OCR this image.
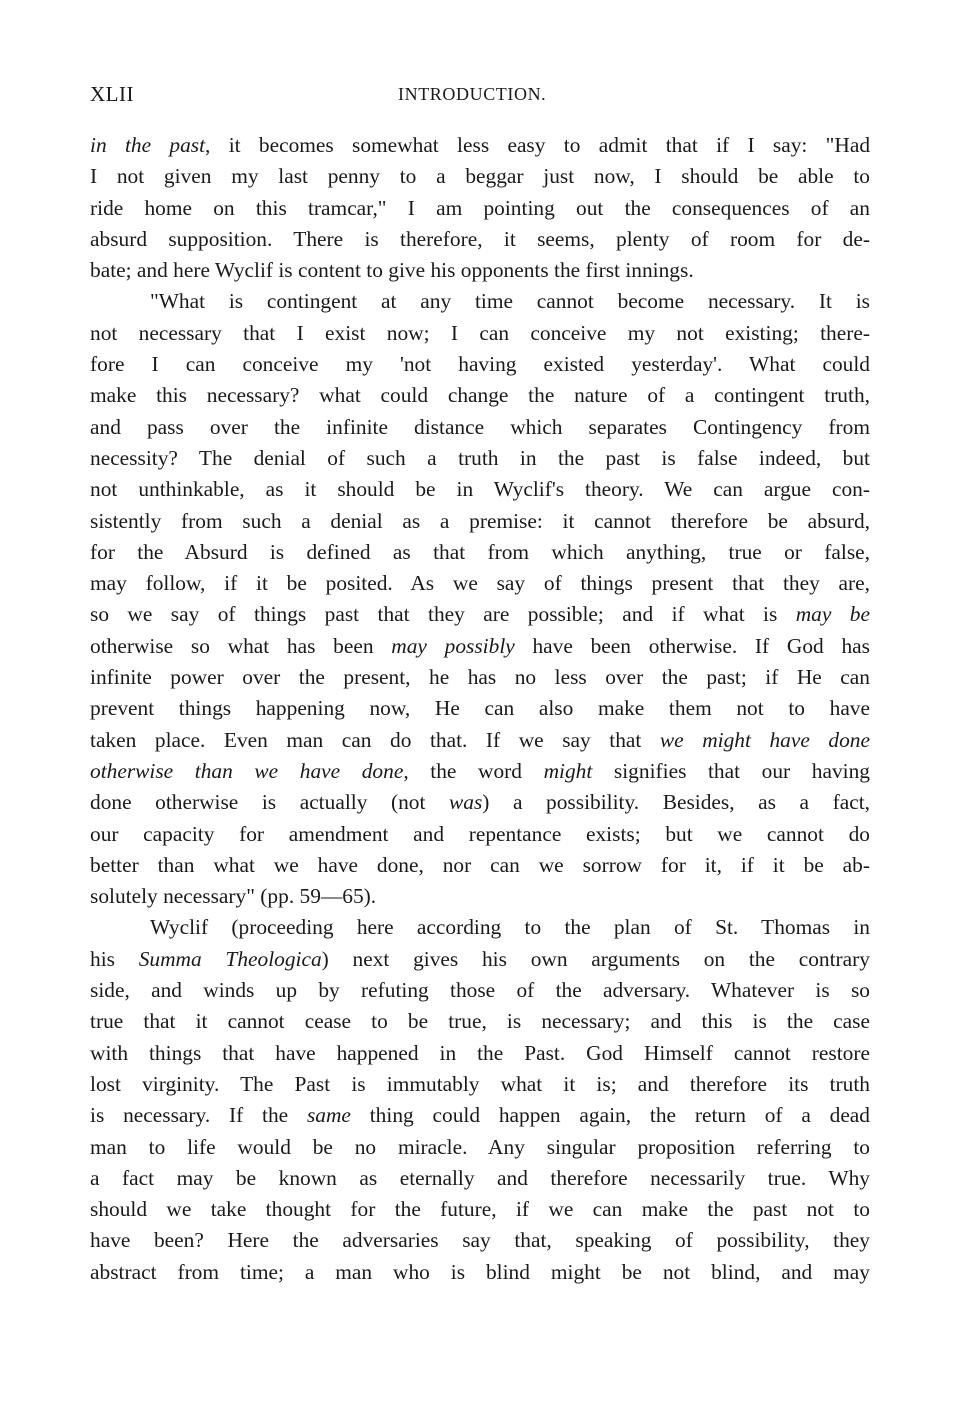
XLII	INTRODUCTION.
in the past, it becomes somewhat less easy to admit that if I say: "Had
I not given my last penny to a beggar just now, I should be able to
ride home on this tramcar," I am pointing out the consequences of an
absurd supposition. There is therefore, it seems, plenty of room for de-
bate; and here Wyclif is content to give his opponents the first innings.
"What is contingent at any time cannot become necessary. It is
not necessary that I exist now; I can conceive my not existing; there-
fore I can conceive my 'not having existed yesterday'. What could
make this necessary? what could change the nature of a contingent truth,
and pass over the infinite distance which separates Contingency from
necessity? The denial of such a truth in the past is false indeed, but
not unthinkable, as it should be in Wyclif's theory. We can argue con-
sistently from such a denial as a premise: it cannot therefore be absurd,
for the Absurd is defined as that from which anything, true or false,
may follow, if it be posited. As we say of things present that they are,
so we say of things past that they are possible; and if what is may be
otherwise so what has been may possibly have been otherwise. If God has
infinite power over the present, he has no less over the past; if He can
prevent things happening now, He can also make them not to have
taken place. Even man can do that. If we say that we might have done
otherwise than we have done, the word might signifies that our having
done otherwise is actually (not was) a possibility. Besides, as a fact,
our capacity for amendment and repentance exists; but we cannot do
better than what we have done, nor can we sorrow for it, if it be ab-
solutely necessary" (pp. 59—65).
Wyclif (proceeding here according to the plan of St. Thomas in
his Summa Theologica) next gives his own arguments on the contrary
side, and winds up by refuting those of the adversary. Whatever is so
true that it cannot cease to be true, is necessary; and this is the case
with things that have happened in the Past. God Himself cannot restore
lost virginity. The Past is immutably what it is; and therefore its truth
is necessary. If the same thing could happen again, the return of a dead
man to life would be no miracle. Any singular proposition referring to
a fact may be known as eternally and therefore necessarily true. Why
should we take thought for the future, if we can make the past not to
have been? Here the adversaries say that, speaking of possibility, they
abstract from time; a man who is blind might be not blind, and may
